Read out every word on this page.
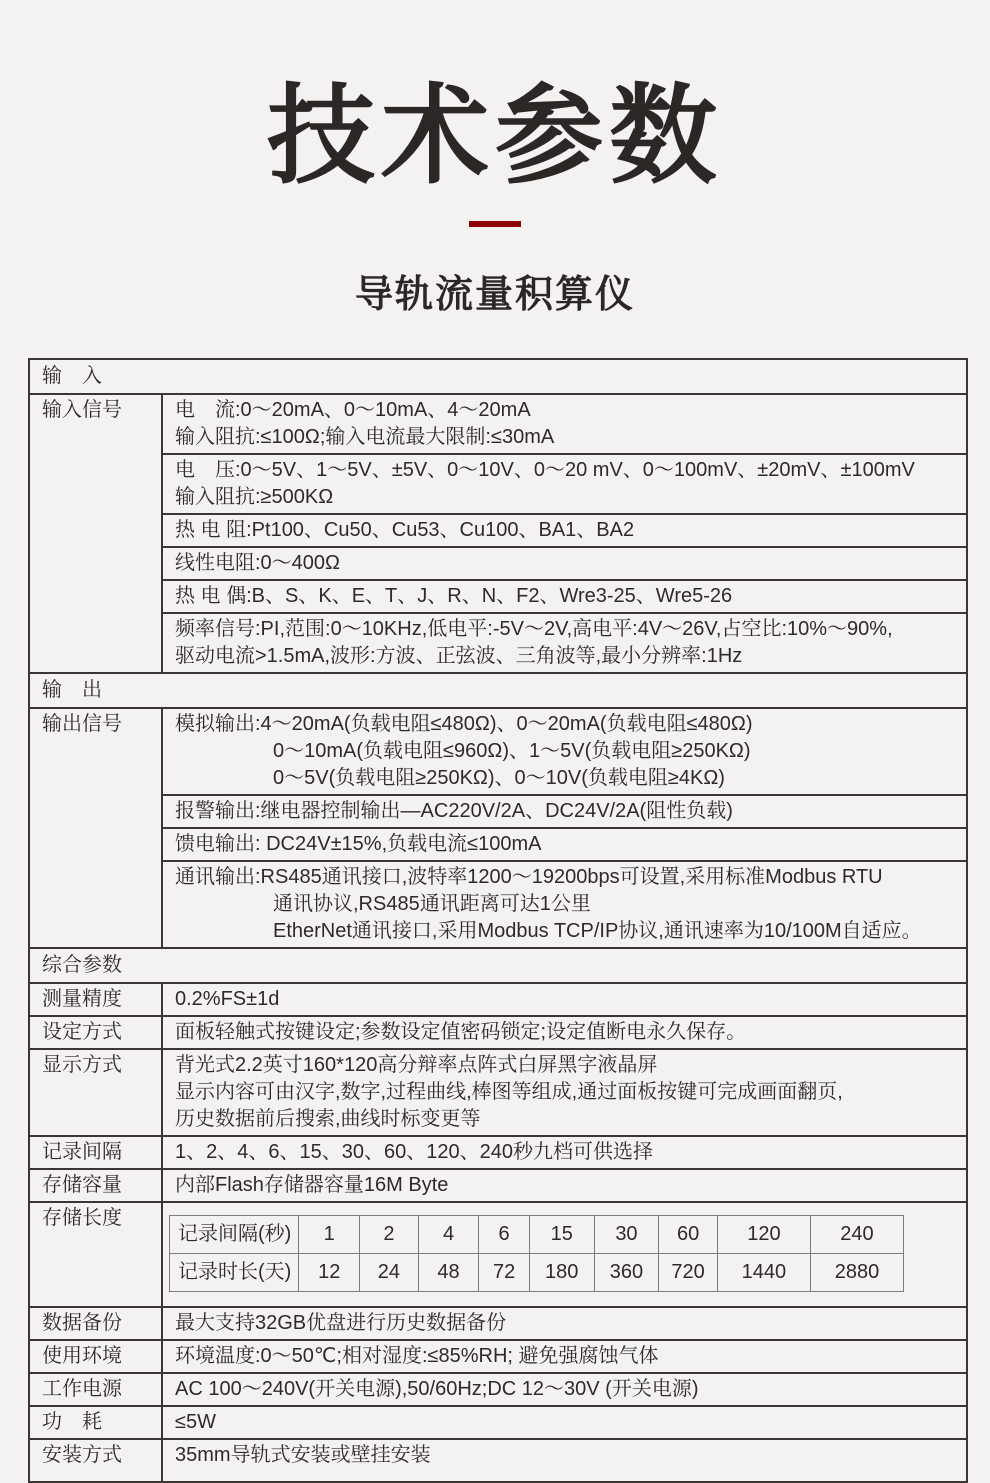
技术参数
导轨流量积算仪
输　入
输入信号	电　流:0～20mA、0～10mA、4～20mA
输入阻抗:≤100Ω;输入电流最大限制:≤30mA
电　压:0～5V、1～5V、±5V、0～10V、0～20 mV、0～100mV、±20mV、±100mV
输入阻抗:≥500KΩ
热 电 阻:Pt100、Cu50、Cu53、Cu100、BA1、BA2
线性电阻:0～400Ω
热 电 偶:B、S、K、E、T、J、R、N、F2、Wre3-25、Wre5-26
频率信号:PI,范围:0～10KHz,低电平:-5V～2V,高电平:4V～26V,占空比:10%～90%,
驱动电流>1.5mA,波形:方波、正弦波、三角波等,最小分辨率:1Hz
输　出
输出信号	模拟输出:4～20mA(负载电阻≤480Ω)、0～20mA(负载电阻≤480Ω)
0～10mA(负载电阻≤960Ω)、1～5V(负载电阻≥250KΩ)
0～5V(负载电阻≥250KΩ)、0～10V(负载电阻≥4KΩ)
报警输出:继电器控制输出—AC220V/2A、DC24V/2A(阻性负载)
馈电输出: DC24V±15%,负载电流≤100mA
通讯输出:RS485通讯接口,波特率1200～19200bps可设置,采用标准Modbus RTU
通讯协议,RS485通讯距离可达1公里
EtherNet通讯接口,采用Modbus TCP/IP协议,通讯速率为10/100M自适应。
综合参数
测量精度	0.2%FS±1d
设定方式	面板轻触式按键设定;参数设定值密码锁定;设定值断电永久保存。
显示方式	背光式2.2英寸160*120高分辩率点阵式白屏黑字液晶屏
显示内容可由汉字,数字,过程曲线,棒图等组成,通过面板按键可完成画面翻页,
历史数据前后搜索,曲线时标变更等
记录间隔	1、2、4、6、15、30、60、120、240秒九档可供选择
存储容量	内部Flash存储器容量16M Byte
存储长度
记录间隔(秒)	1	2	4	6	15	30	60	120	240
记录时长(天)	12	24	48	72	180	360	720	1440	2880
数据备份	最大支持32GB优盘进行历史数据备份
使用环境	环境温度:0～50℃;相对湿度:≤85%RH; 避免强腐蚀气体
工作电源	AC 100～240V(开关电源),50/60Hz;DC 12～30V (开关电源)
功　耗	≤5W
安装方式	35mm导轨式安装或壁挂安装
